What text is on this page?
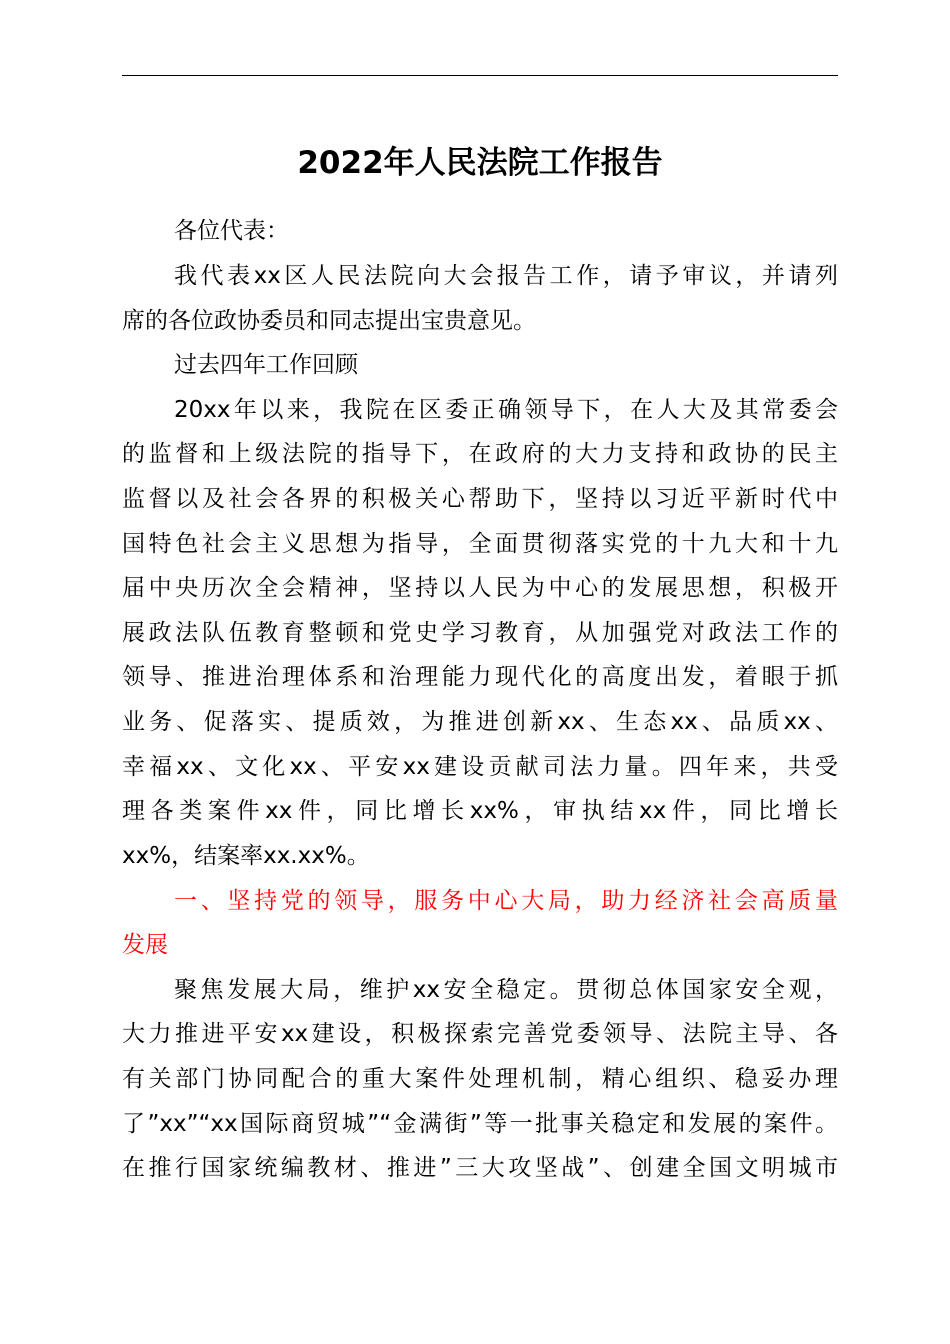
2022年人民法院工作报告

各位代表：

我代表xx区人民法院向大会报告工作，请予审议，并请列

席的各位政协委员和同志提出宝贵意见。

过去四年工作回顾

20xx年以来，我院在区委正确领导下，在人大及其常委会

的监督和上级法院的指导下，在政府的大力支持和政协的民主

监督以及社会各界的积极关心帮助下，坚持以习近平新时代中

国特色社会主义思想为指导，全面贯彻落实党的十九大和十九

届中央历次全会精神，坚持以人民为中心的发展思想，积极开

展政法队伍教育整顿和党史学习教育，从加强党对政法工作的

领导、推进治理体系和治理能力现代化的高度出发，着眼于抓

业务、促落实、提质效，为推进创新xx、生态xx、品质xx、

幸福xx、文化xx、平安xx建设贡献司法力量。四年来，共受

理各类案件xx件，同比增长xx%，审执结xx件，同比增长

xx%，结案率xx.xx%。

一、坚持党的领导，服务中心大局，助力经济社会高质量

发展

聚焦发展大局，维护xx安全稳定。贯彻总体国家安全观，

大力推进平安xx建设，积极探索完善党委领导、法院主导、各

有关部门协同配合的重大案件处理机制，精心组织、稳妥办理

了”xx”“xx国际商贸城”“金满街”等一批事关稳定和发展的案件。

在推行国家统编教材、推进”三大攻坚战”、创建全国文明城市
